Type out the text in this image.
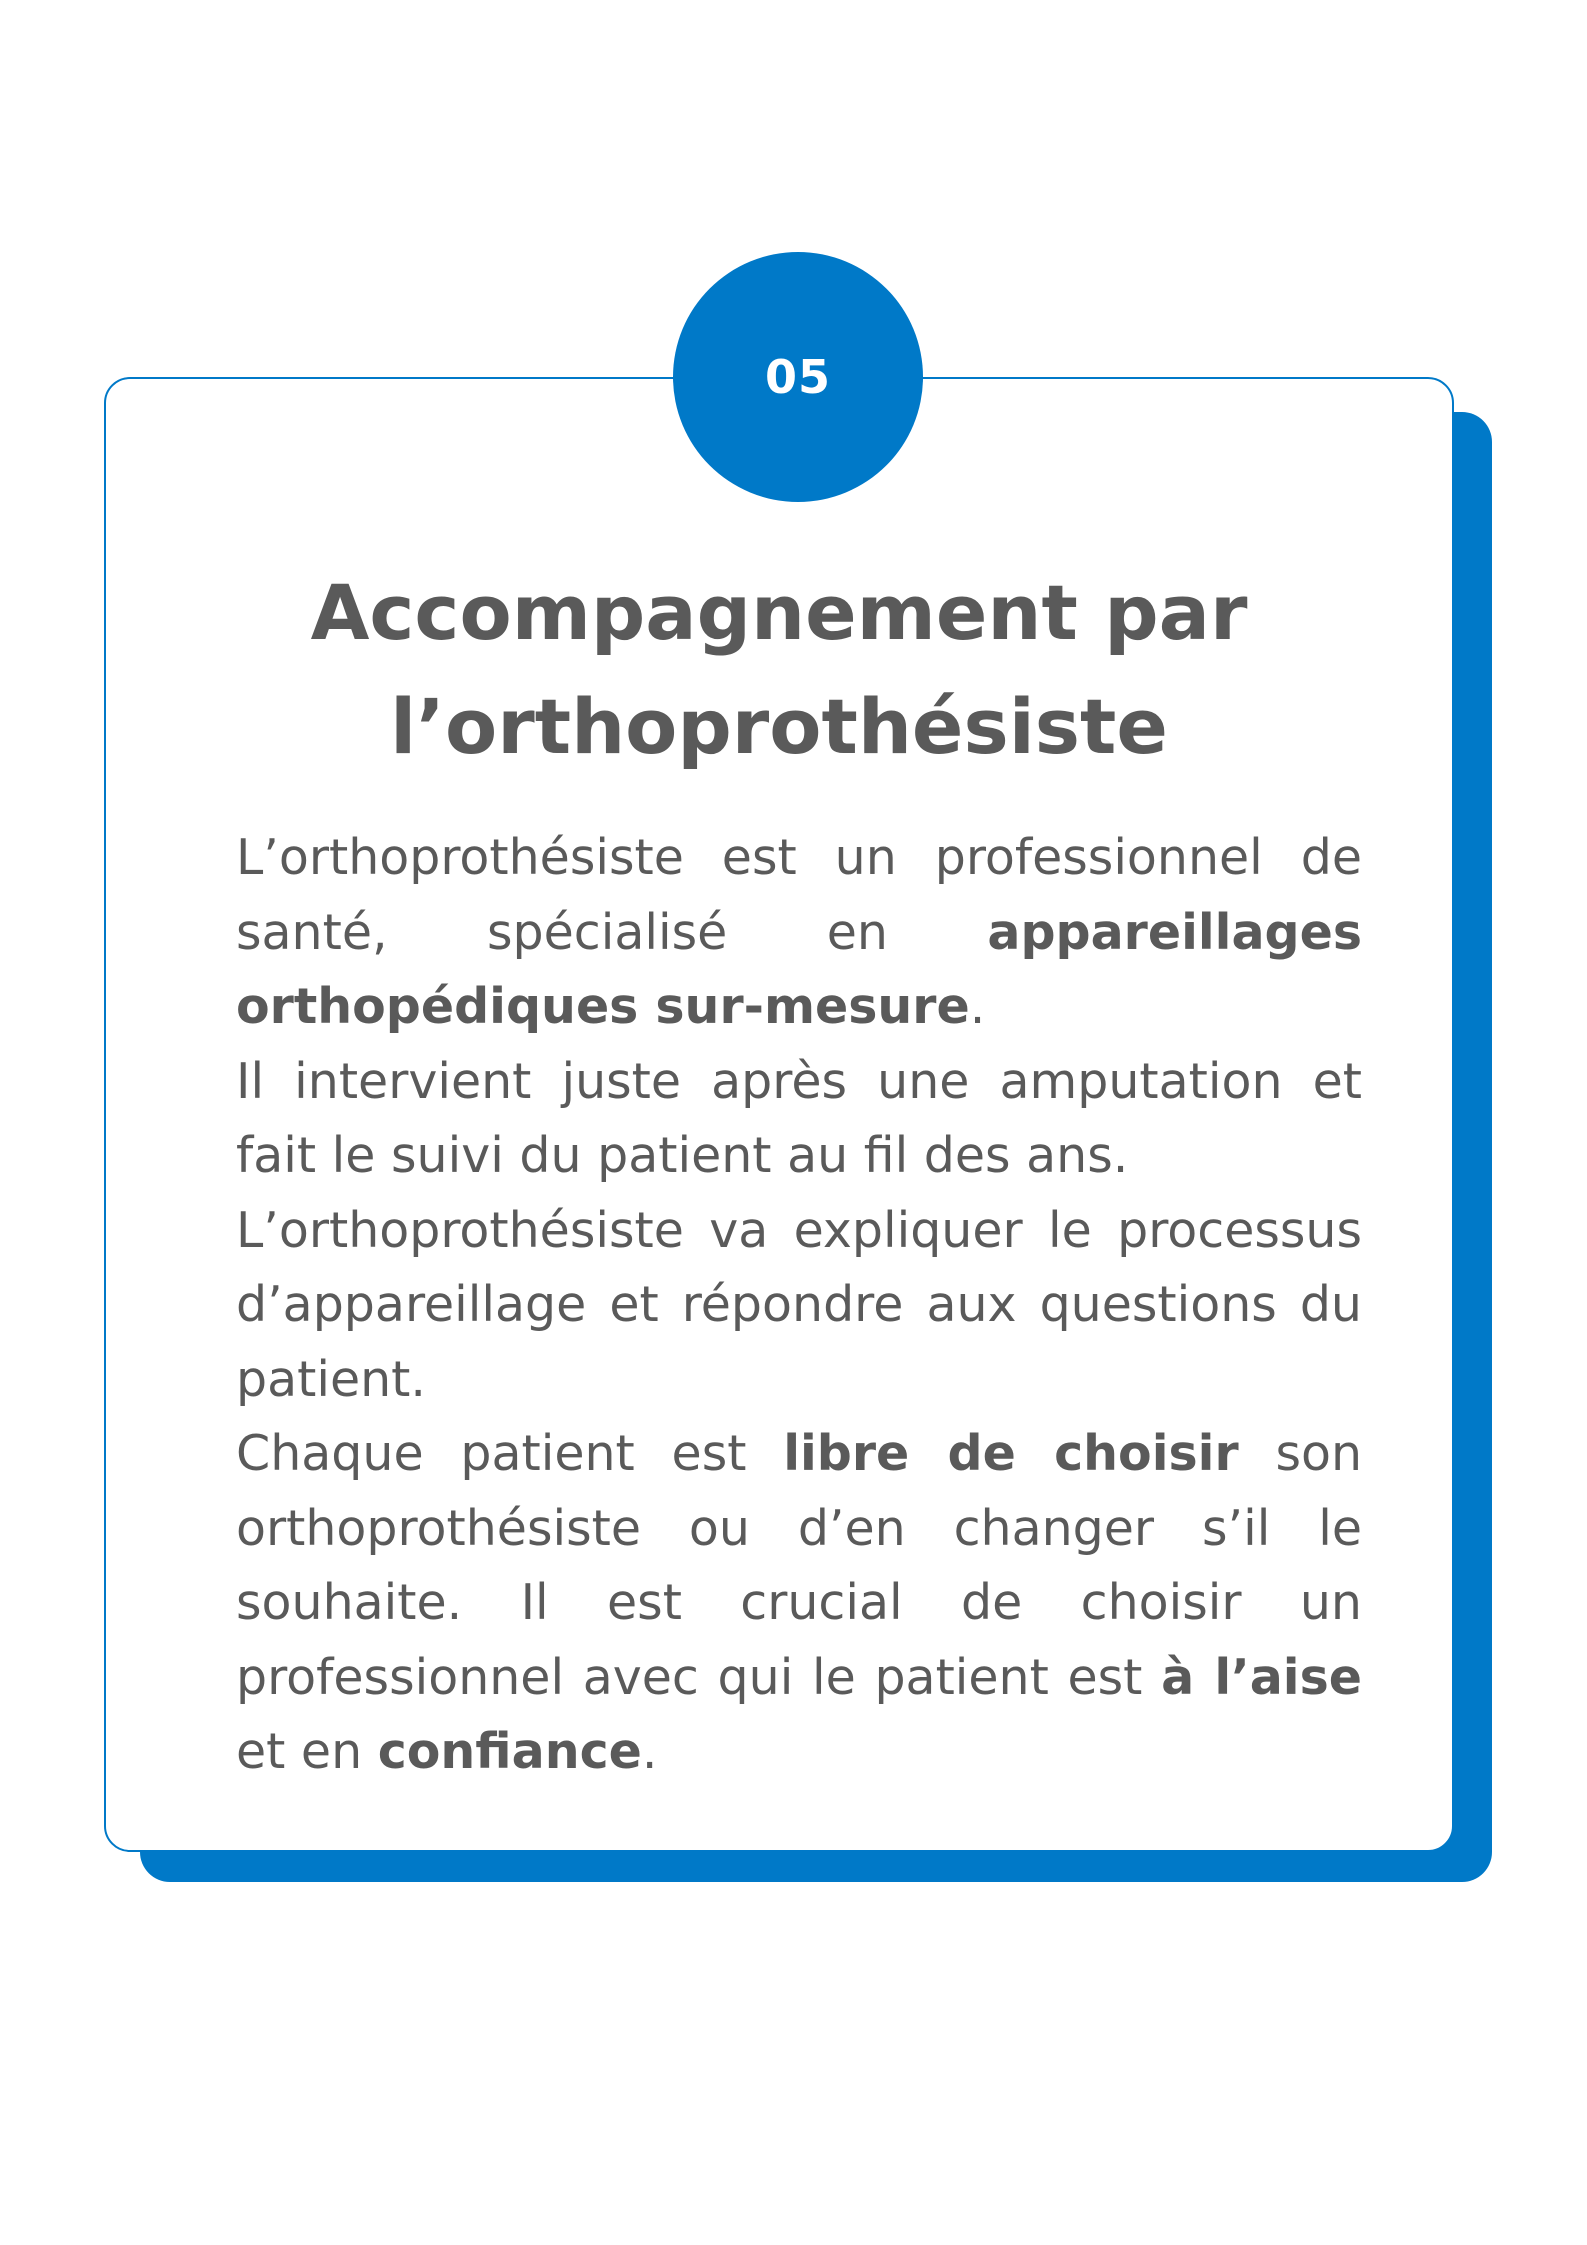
05
Accompagnement par
l’orthoprothésiste

L’orthoprothésiste est un professionnel de santé, spécialisé en appareillages orthopédiques sur-mesure.

Il intervient juste après une amputation et fait le suivi du patient au fil des ans.

L’orthoprothésiste va expliquer le processus d’appareillage et répondre aux questions du patient.

Chaque patient est libre de choisir son orthoprothésiste ou d’en changer s’il le souhaite. Il est crucial de choisir un professionnel avec qui le patient est à l’aise et en confiance.
